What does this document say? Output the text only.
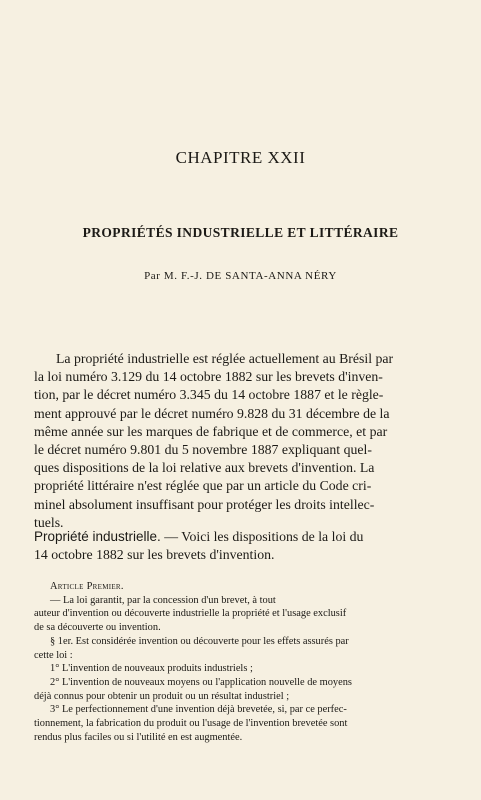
CHAPITRE XXII
PROPRIÉTÉS INDUSTRIELLE ET LITTÉRAIRE
Par M. F.-J. DE SANTA-ANNA NÉRY
La propriété industrielle est réglée actuellement au Brésil par
la loi numéro 3.129 du 14 octobre 1882 sur les brevets d'inven-
tion, par le décret numéro 3.345 du 14 octobre 1887 et le règle-
ment approuvé par le décret numéro 9.828 du 31 décembre de la
même année sur les marques de fabrique et de commerce, et par
le décret numéro 9.801 du 5 novembre 1887 expliquant quel-
ques dispositions de la loi relative aux brevets d'invention. La
propriété littéraire n'est réglée que par un article du Code cri-
minel absolument insuffisant pour protéger les droits intellec-
tuels.
Propriété industrielle. — Voici les dispositions de la loi du
14 octobre 1882 sur les brevets d'invention.
Article Premier.
— La loi garantit, par la concession d'un brevet, à tout
auteur d'invention ou découverte industrielle la propriété et l'usage exclusif
de sa découverte ou invention.
§ 1er. Est considérée invention ou découverte pour les effets assurés par
cette loi :
1° L'invention de nouveaux produits industriels ;
2° L'invention de nouveaux moyens ou l'application nouvelle de moyens
déjà connus pour obtenir un produit ou un résultat industriel ;
3° Le perfectionnement d'une invention déjà brevetée, si, par ce perfec-
tionnement, la fabrication du produit ou l'usage de l'invention brevetée sont
rendus plus faciles ou si l'utilité en est augmentée.
